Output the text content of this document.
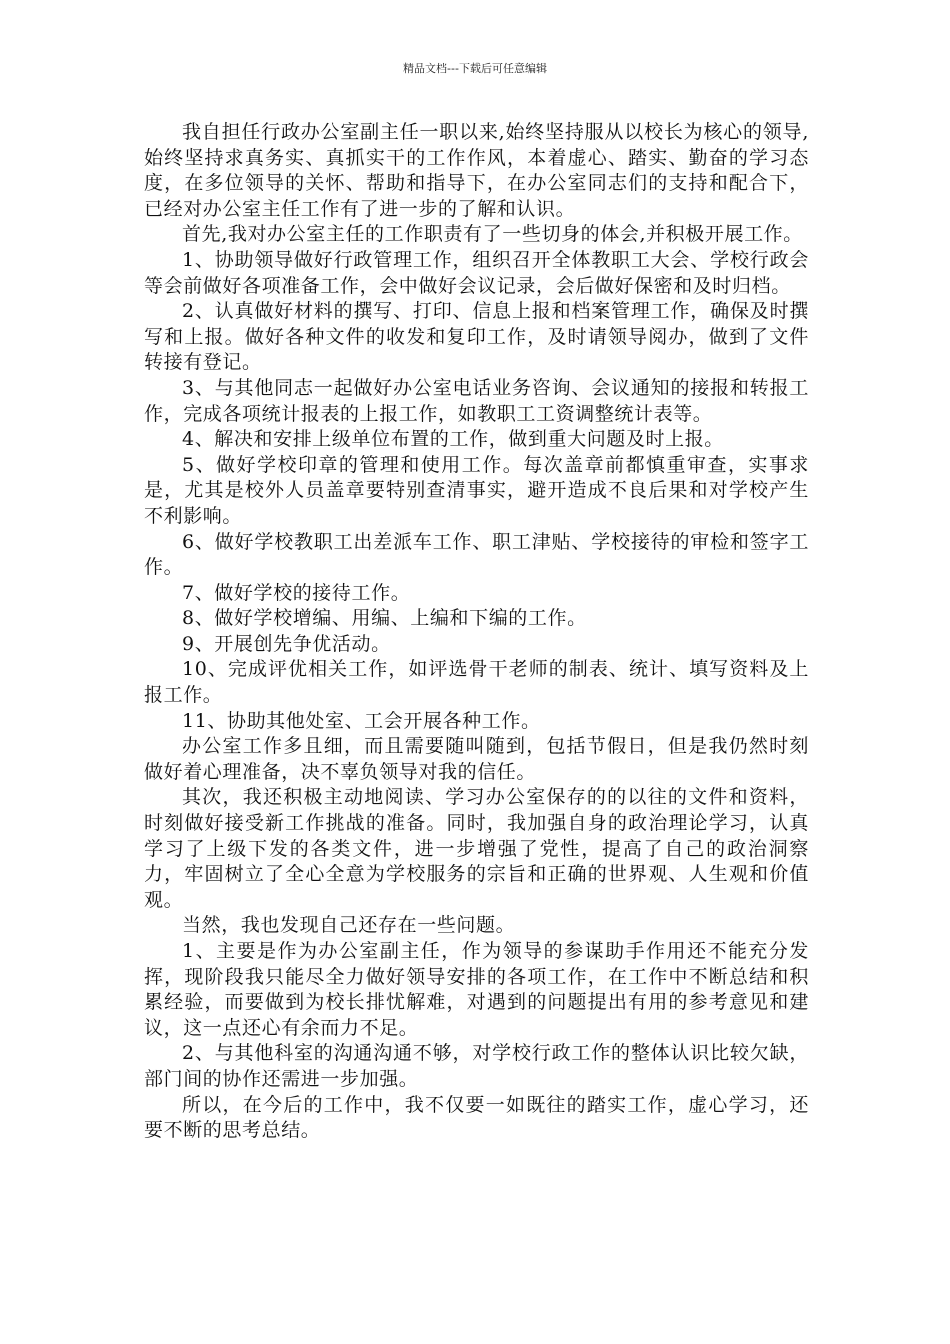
精品文档---下载后可任意编辑

我自担任行政办公室副主任一职以来,始终坚持服从以校长为核心的领导,始终坚持求真务实、真抓实干的工作作风，本着虚心、踏实、勤奋的学习态度，在多位领导的关怀、帮助和指导下，在办公室同志们的支持和配合下，已经对办公室主任工作有了进一步的了解和认识。

首先,我对办公室主任的工作职责有了一些切身的体会,并积极开展工作。

1、协助领导做好行政管理工作，组织召开全体教职工大会、学校行政会等会前做好各项准备工作，会中做好会议记录，会后做好保密和及时归档。

2、认真做好材料的撰写、打印、信息上报和档案管理工作，确保及时撰写和上报。做好各种文件的收发和复印工作，及时请领导阅办，做到了文件转接有登记。

3、与其他同志一起做好办公室电话业务咨询、会议通知的接报和转报工作，完成各项统计报表的上报工作，如教职工工资调整统计表等。

4、解决和安排上级单位布置的工作，做到重大问题及时上报。

5、做好学校印章的管理和使用工作。每次盖章前都慎重审查，实事求是，尤其是校外人员盖章要特别查清事实，避开造成不良后果和对学校产生不利影响。

6、做好学校教职工出差派车工作、职工津贴、学校接待的审检和签字工作。

7、做好学校的接待工作。

8、做好学校增编、用编、上编和下编的工作。

9、开展创先争优活动。

10、完成评优相关工作，如评选骨干老师的制表、统计、填写资料及上报工作。

11、协助其他处室、工会开展各种工作。

办公室工作多且细，而且需要随叫随到，包括节假日，但是我仍然时刻做好着心理准备，决不辜负领导对我的信任。

其次，我还积极主动地阅读、学习办公室保存的的以往的文件和资料，时刻做好接受新工作挑战的准备。同时，我加强自身的政治理论学习，认真学习了上级下发的各类文件，进一步增强了党性，提高了自己的政治洞察力，牢固树立了全心全意为学校服务的宗旨和正确的世界观、人生观和价值观。

当然，我也发现自己还存在一些问题。

1、主要是作为办公室副主任，作为领导的参谋助手作用还不能充分发挥，现阶段我只能尽全力做好领导安排的各项工作，在工作中不断总结和积累经验，而要做到为校长排忧解难，对遇到的问题提出有用的参考意见和建议，这一点还心有余而力不足。

2、与其他科室的沟通沟通不够，对学校行政工作的整体认识比较欠缺，部门间的协作还需进一步加强。

所以，在今后的工作中，我不仅要一如既往的踏实工作，虚心学习，还要不断的思考总结。
